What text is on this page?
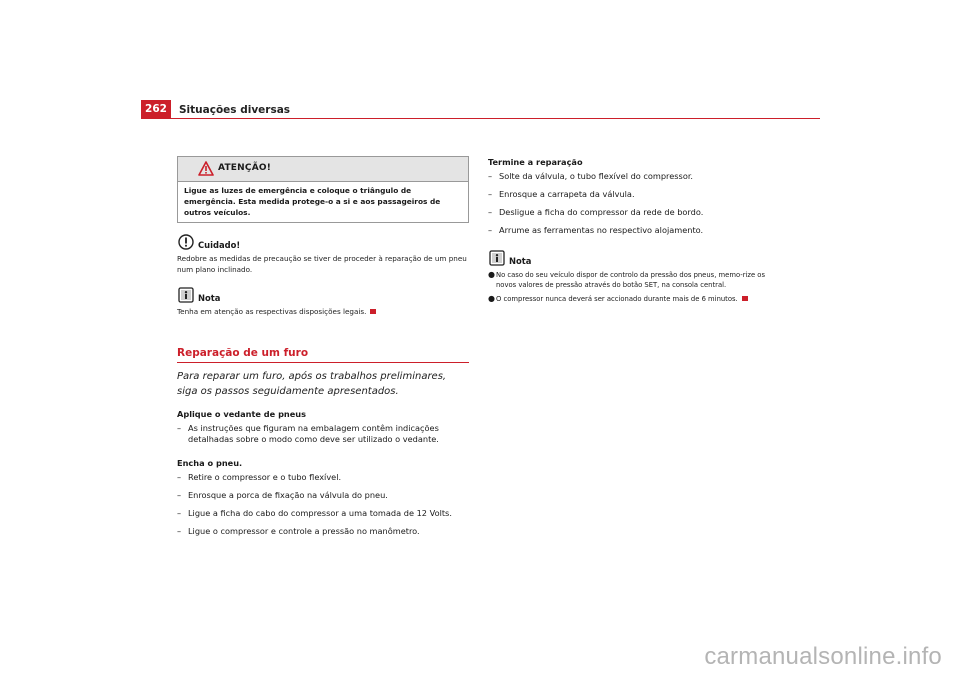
262	Situações diversas
ATENÇÃO!
Ligue as luzes de emergência e coloque o triângulo de emergência. Esta medida protege-o a si e aos passageiros de outros veículos.
Cuidado!
Redobre as medidas de precaução se tiver de proceder à reparação de um pneu num plano inclinado.
Nota
Tenha em atenção as respectivas disposições legais.
Reparação de um furo
Para reparar um furo, após os trabalhos preliminares, siga os passos seguidamente apresentados.
Aplique o vedante de pneus
– As instruções que figuram na embalagem contêm indicações detalhadas sobre o modo como deve ser utilizado o vedante.
Encha o pneu.
– Retire o compressor e o tubo flexível.
– Enrosque a porca de fixação na válvula do pneu.
– Ligue a ficha do cabo do compressor a uma tomada de 12 Volts.
– Ligue o compressor e controle a pressão no manômetro.
Termine a reparação
– Solte da válvula, o tubo flexível do compressor.
– Enrosque a carrapeta da válvula.
– Desligue a ficha do compressor da rede de bordo.
– Arrume as ferramentas no respectivo alojamento.
Nota
● No caso do seu veículo dispor de controlo da pressão dos pneus, memo-rize os novos valores de pressão através do botão SET, na consola central.
● O compressor nunca deverá ser accionado durante mais de 6 minutos.
carmanualsonline.info
